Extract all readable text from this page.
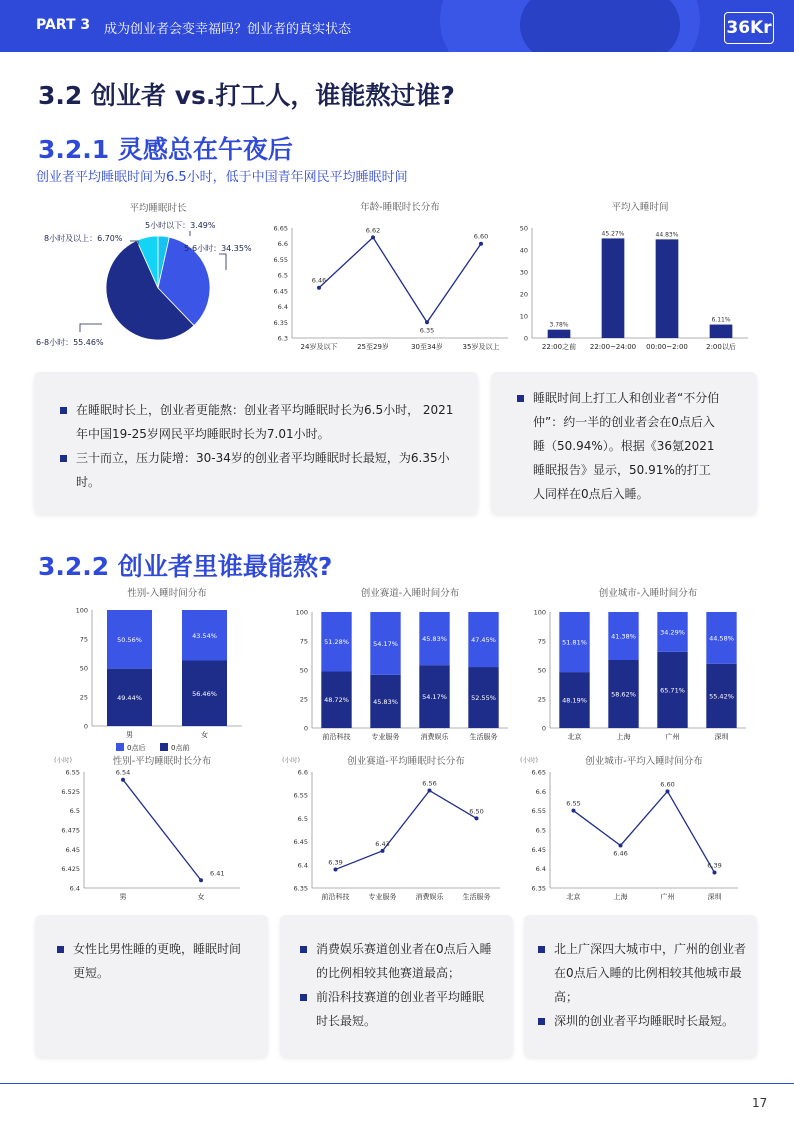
PART 3 成为创业者会变幸福吗？创业者的真实状态	36Kr
3.2 创业者 vs.打工人，谁能熬过谁?
3.2.1 灵感总在午夜后
创业者平均睡眠时间为6.5小时，低于中国青年网民平均睡眠时间
3.2.2 创业者里谁最能熬?
平均睡眠时长
5小时以下：3.49%
5-6小时：34.35%
6-8小时：55.46%
8小时及以上：6.70%
年龄-睡眠时长分布
6.3
6.35
6.4
6.45
6.5
6.55
6.6
6.65
24岁及以下	25至29岁	30至34岁	35岁及以上
6.46
6.62
6.35
6.60
平均入睡时间
0
10
20
30
40
50
22:00之前 22:00~24:00 00:00~2:00	2:00以后
3.78%
45.27%	44.83%
6.11%
在睡眠时长上，创业者更能熬：创业者平均睡眠时长为6.5小时， 2021年中国19-25岁网民平均睡眠时长为7.01小时。
三十而立，压力陡增：30-34岁的创业者平均睡眠时长最短，为6.35小时。
睡眠时间上打工人和创业者“不分伯仲”：约一半的创业者会在0点后入睡（50.94%）。根据《36氪2021睡眠报告》显示，50.91%的打工人同样在0点后入睡。
性别-入睡时间分布
0
25
50
75
100
男	女
49.44%
50.56%
56.46%
43.54%
0点后	0点前
创业赛道-入睡时间分布
0
25
50
75
100
前沿科技	专业服务	消费娱乐	生活服务
48.72%
51.28%
45.83%
54.17%
54.17%
45.83%
52.55%
47.45%
创业城市-入睡时间分布
0
25
50
75
100
北京	上海	广州	深圳
48.19%
51.81%
58.62%
41.38%
65.71%
34.29%
55.42%
44.58%
性别-平均睡眠时长分布
(小时)
6.4
6.425
6.45
6.475
6.5
6.525
6.55
男	女
6.54
6.41
创业赛道-平均睡眠时长分布
(小时)
6.35
6.4
6.45
6.5
6.55
6.6
前沿科技	专业服务	消费娱乐	生活服务
6.39
6.43
6.56
6.50
创业城市-平均入睡时间分布
(小时)
6.35
6.4
6.45
6.5
6.55
6.6
6.65
北京	上海	广州	深圳
6.55
6.46
6.60
6.39
女性比男性睡的更晚，睡眠时间更短。
消费娱乐赛道创业者在0点后入睡的比例相较其他赛道最高；
前沿科技赛道的创业者平均睡眠时长最短。
北上广深四大城市中，广州的创业者在0点后入睡的比例相较其他城市最高；
深圳的创业者平均睡眠时长最短。
17
